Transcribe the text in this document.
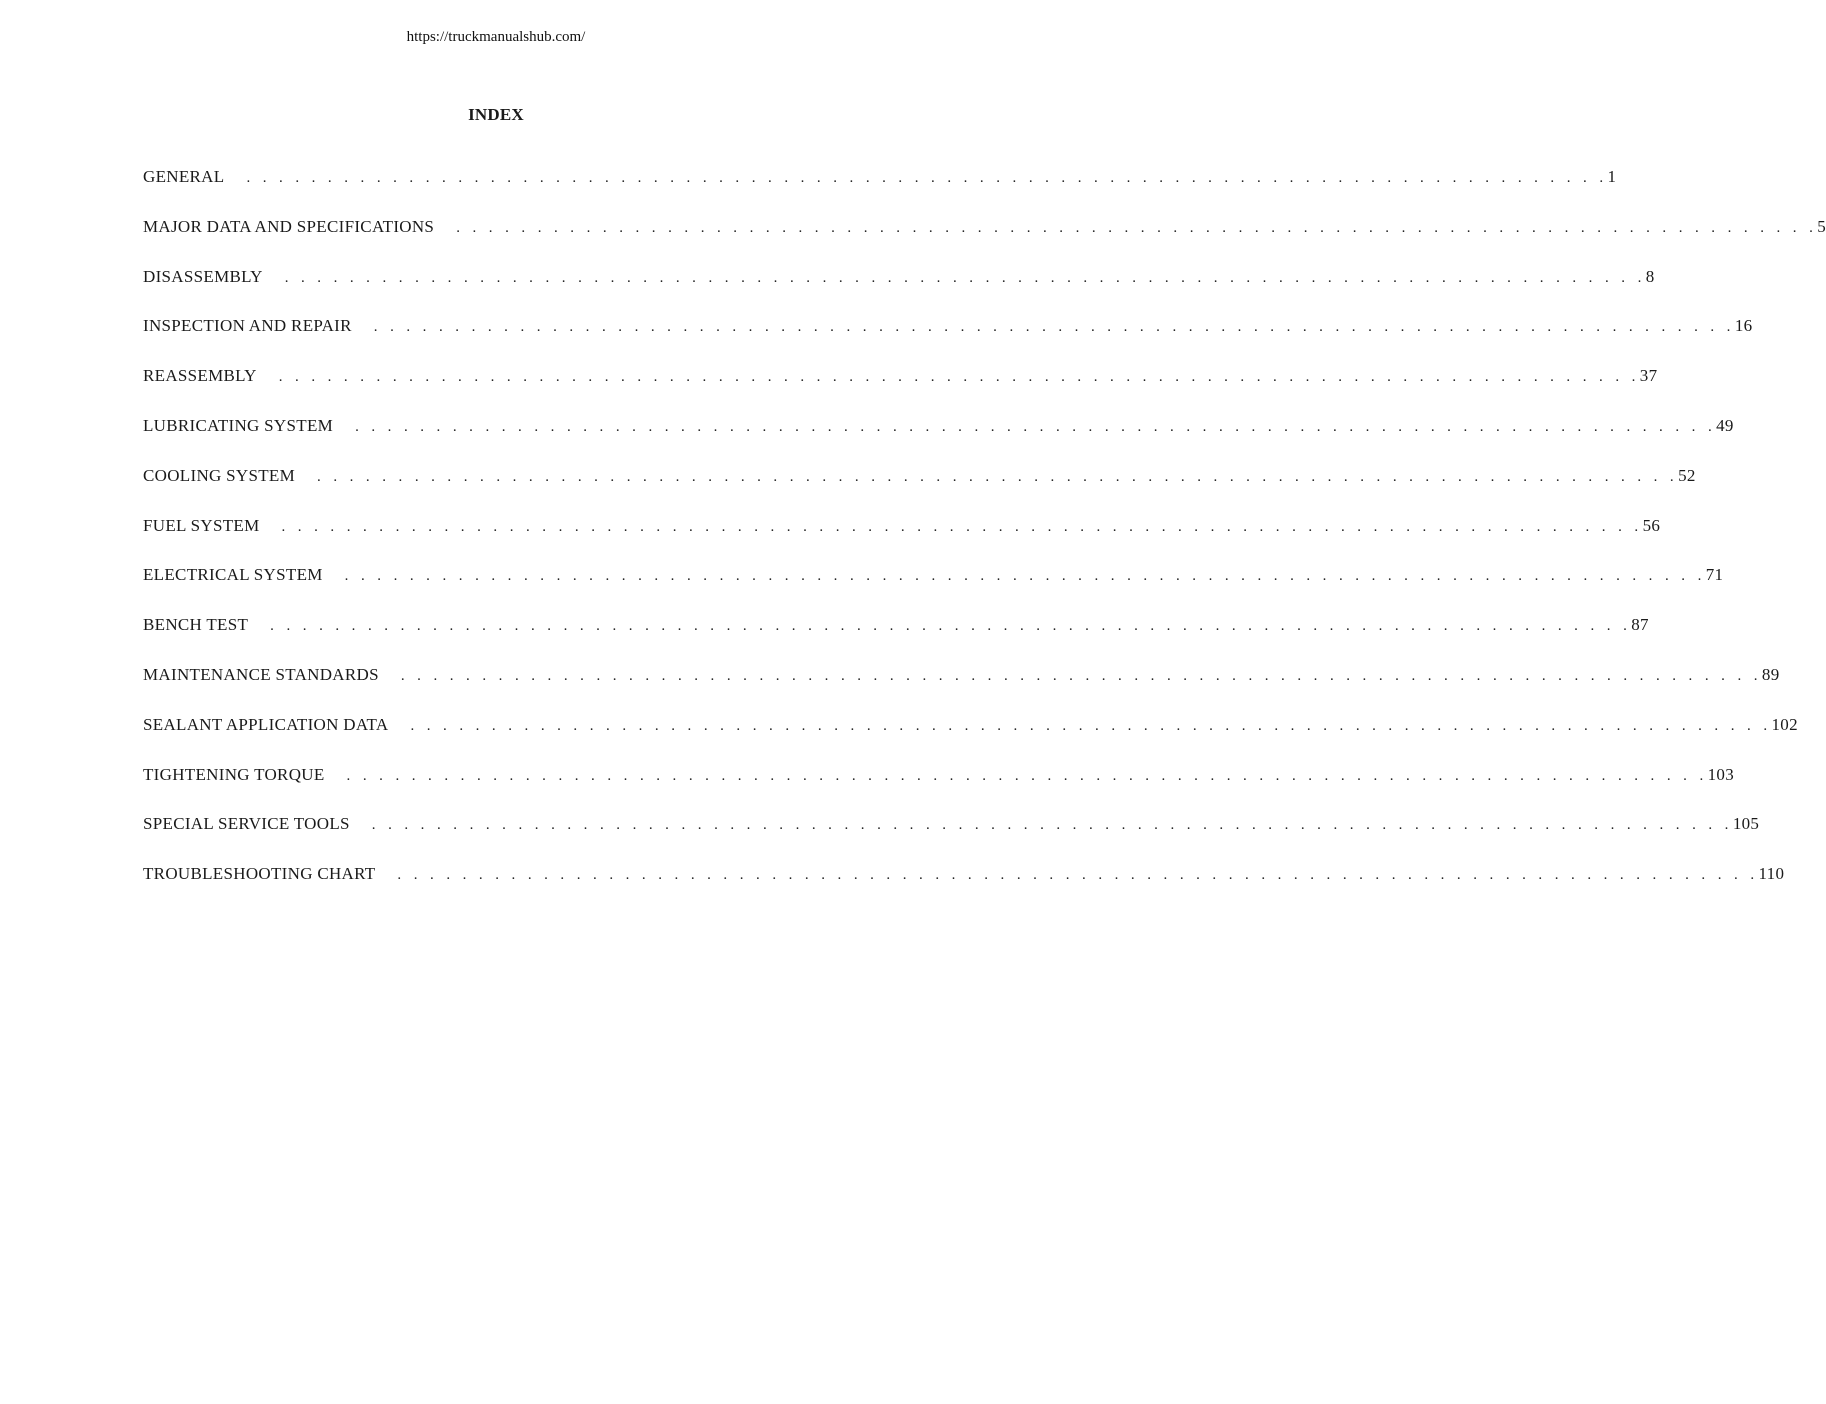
https://truckmanualshub.com/
INDEX
GENERAL	. . . . . . . . . . . . . . . . . . . . . . . . . . . . . . . . . . . . . . . . . . . . . . . . . . . . . . . . . . . . . . . . . . . . . . . . . . . . . . . . . . . . 1
MAJOR DATA AND SPECIFICATIONS	. . . . . . . . . . . . . . . . . . . . . . . . . . . . . . . . . . . . . . . . . . . . . . . . . . . . . . . . . . . . . . . . . . . . . . . . . . . . . . . . . . . . 5
DISASSEMBLY	. . . . . . . . . . . . . . . . . . . . . . . . . . . . . . . . . . . . . . . . . . . . . . . . . . . . . . . . . . . . . . . . . . . . . . . . . . . . . . . . . . . . 8
INSPECTION AND REPAIR	. . . . . . . . . . . . . . . . . . . . . . . . . . . . . . . . . . . . . . . . . . . . . . . . . . . . . . . . . . . . . . . . . . . . . . . . . . . . . . . . . . . . 16
REASSEMBLY	. . . . . . . . . . . . . . . . . . . . . . . . . . . . . . . . . . . . . . . . . . . . . . . . . . . . . . . . . . . . . . . . . . . . . . . . . . . . . . . . . . . . 37
LUBRICATING SYSTEM	. . . . . . . . . . . . . . . . . . . . . . . . . . . . . . . . . . . . . . . . . . . . . . . . . . . . . . . . . . . . . . . . . . . . . . . . . . . . . . . . . . . . 49
COOLING SYSTEM	. . . . . . . . . . . . . . . . . . . . . . . . . . . . . . . . . . . . . . . . . . . . . . . . . . . . . . . . . . . . . . . . . . . . . . . . . . . . . . . . . . . . 52
FUEL SYSTEM	. . . . . . . . . . . . . . . . . . . . . . . . . . . . . . . . . . . . . . . . . . . . . . . . . . . . . . . . . . . . . . . . . . . . . . . . . . . . . . . . . . . . 56
ELECTRICAL SYSTEM	. . . . . . . . . . . . . . . . . . . . . . . . . . . . . . . . . . . . . . . . . . . . . . . . . . . . . . . . . . . . . . . . . . . . . . . . . . . . . . . . . . . . 71
BENCH TEST	. . . . . . . . . . . . . . . . . . . . . . . . . . . . . . . . . . . . . . . . . . . . . . . . . . . . . . . . . . . . . . . . . . . . . . . . . . . . . . . . . . . . 87
MAINTENANCE STANDARDS	. . . . . . . . . . . . . . . . . . . . . . . . . . . . . . . . . . . . . . . . . . . . . . . . . . . . . . . . . . . . . . . . . . . . . . . . . . . . . . . . . . . . 89
SEALANT APPLICATION DATA	. . . . . . . . . . . . . . . . . . . . . . . . . . . . . . . . . . . . . . . . . . . . . . . . . . . . . . . . . . . . . . . . . . . . . . . . . . . . . . . . . . . . 102
TIGHTENING TORQUE	. . . . . . . . . . . . . . . . . . . . . . . . . . . . . . . . . . . . . . . . . . . . . . . . . . . . . . . . . . . . . . . . . . . . . . . . . . . . . . . . . . . . 103
SPECIAL SERVICE TOOLS	. . . . . . . . . . . . . . . . . . . . . . . . . . . . . . . . . . . . . . . . . . . . . . . . . . . . . . . . . . . . . . . . . . . . . . . . . . . . . . . . . . . . 105
TROUBLESHOOTING CHART	. . . . . . . . . . . . . . . . . . . . . . . . . . . . . . . . . . . . . . . . . . . . . . . . . . . . . . . . . . . . . . . . . . . . . . . . . . . . . . . . . . . . 110
